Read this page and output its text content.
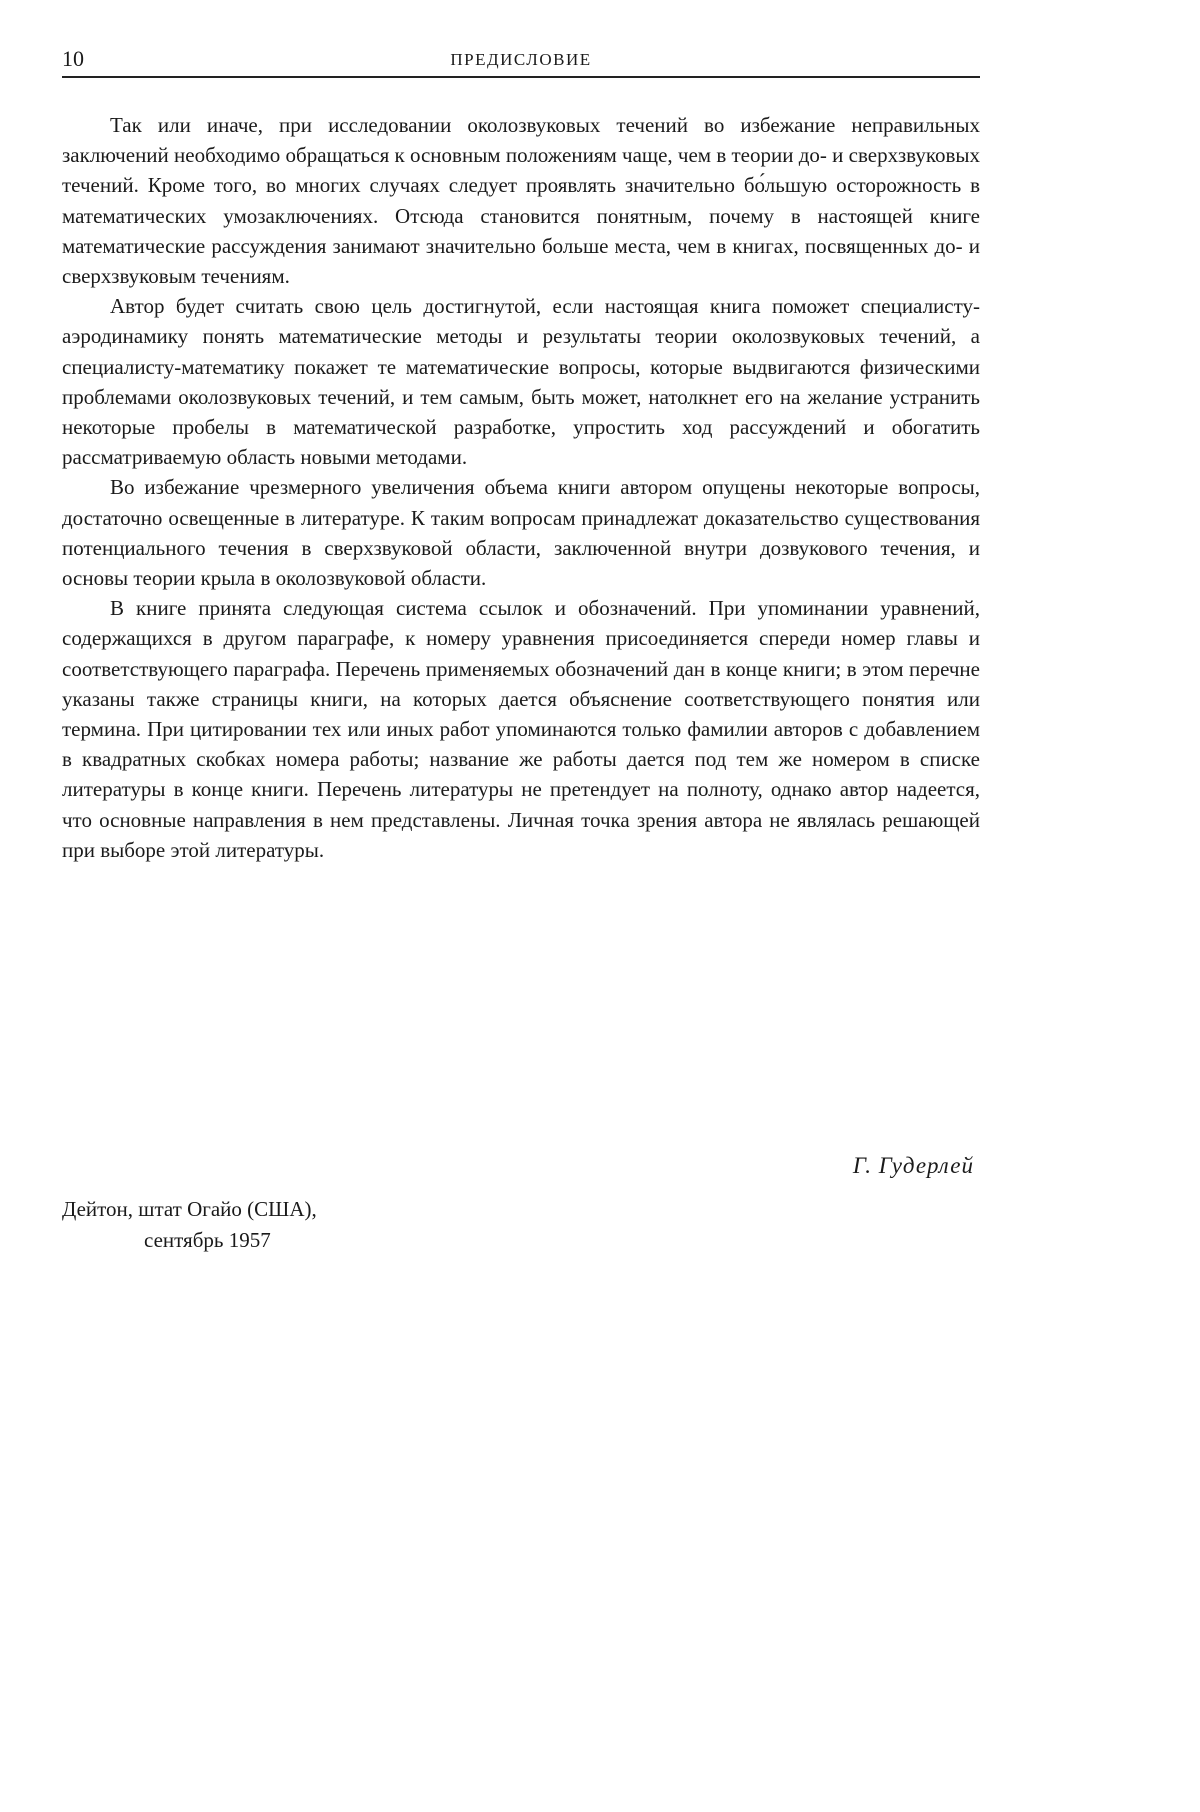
10	ПРЕДИСЛОВИЕ

Так или иначе, при исследовании околозвуковых течений во избежание неправильных заключений необходимо обращаться к основным положениям чаще, чем в теории до- и сверхзвуковых течений. Кроме того, во многих случаях следует проявлять значительно бо́льшую осторожность в математических умозаключениях. Отсюда становится понятным, почему в настоящей книге математические рассуждения занимают значительно больше места, чем в книгах, посвященных до- и сверхзвуковым течениям.

Автор будет считать свою цель достигнутой, если настоящая книга поможет специалисту-аэродинамику понять математические методы и результаты теории околозвуковых течений, а специалисту-математику покажет те математические вопросы, которые выдвигаются физическими проблемами околозвуковых течений, и тем самым, быть может, натолкнет его на желание устранить некоторые пробелы в математической разработке, упростить ход рассуждений и обогатить рассматриваемую область новыми методами.

Во избежание чрезмерного увеличения объема книги автором опущены некоторые вопросы, достаточно освещенные в литературе. К таким вопросам принадлежат доказательство существования потенциального течения в сверхзвуковой области, заключенной внутри дозвукового течения, и основы теории крыла в околозвуковой области.

В книге принята следующая система ссылок и обозначений. При упоминании уравнений, содержащихся в другом параграфе, к номеру уравнения присоединяется спереди номер главы и соответствующего параграфа. Перечень применяемых обозначений дан в конце книги; в этом перечне указаны также страницы книги, на которых дается объяснение соответствующего понятия или термина. При цитировании тех или иных работ упоминаются только фамилии авторов с добавлением в квадратных скобках номера работы; название же работы дается под тем же номером в списке литературы в конце книги. Перечень литературы не претендует на полноту, однако автор надеется, что основные направления в нем представлены. Личная точка зрения автора не являлась решающей при выборе этой литературы.

Г. Гудерлей

Дейтон, штат Огайо (США),

сентябрь 1957
